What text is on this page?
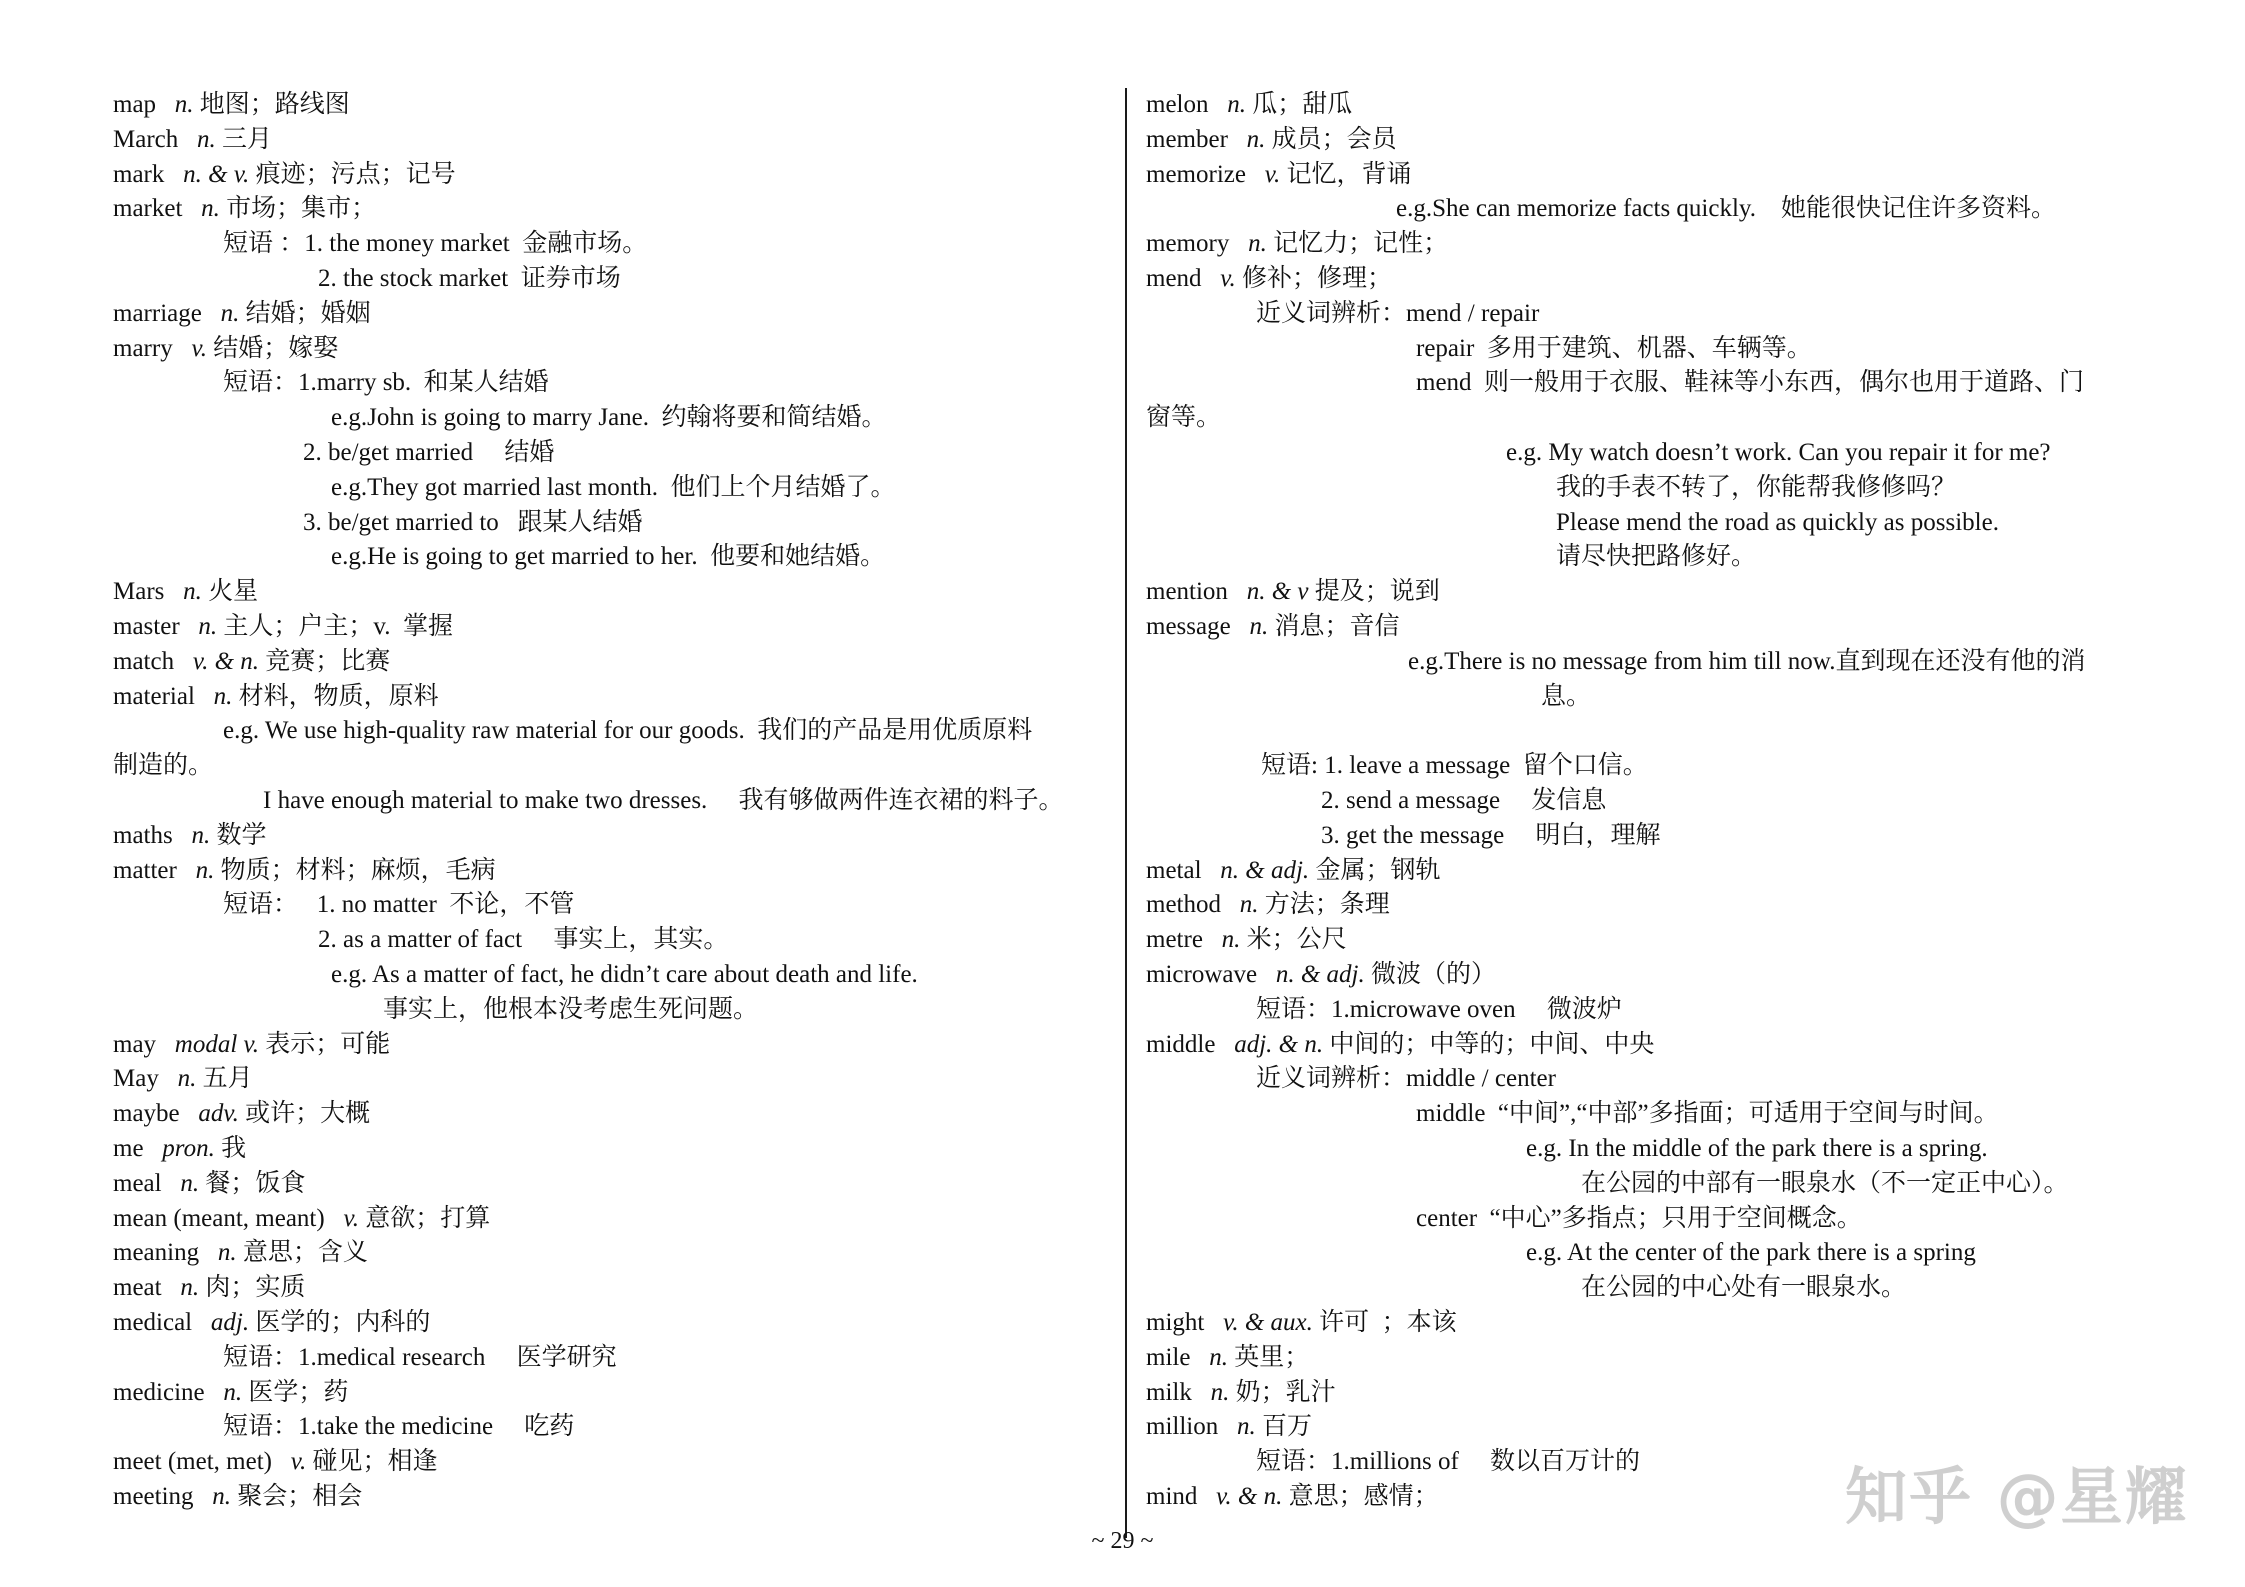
map n. 地图；路线图
March n. 三月
mark n. & v. 痕迹；污点；记号
market n. 市场；集市；
短语 ：1. the money market  金融市场。
2. the stock market  证券市场
marriage n. 结婚；婚姻
marry v. 结婚；嫁娶
短语：1.marry sb.  和某人结婚
e.g.John is going to marry Jane.  约翰将要和简结婚。
2. be/get married     结婚
e.g.They got married last month.  他们上个月结婚了。
3. be/get married to   跟某人结婚
e.g.He is going to get married to her.  他要和她结婚。
Mars n. 火星
master n. 主人；户主；v.  掌握
match v. & n. 竞赛；比赛
material n. 材料，物质，原料
e.g. We use high-quality raw material for our goods.  我们的产品是用优质原料
制造的。
I have enough material to make two dresses.     我有够做两件连衣裙的料子。
maths n. 数学
matter n. 物质；材料；麻烦，毛病
短语：   1. no matter  不论，不管
2. as a matter of fact     事实上，其实。
e.g. As a matter of fact, he didn’t care about death and life.
事实上，他根本没考虑生死问题。
may modal v. 表示；可能
May n. 五月
maybe adv. 或许；大概
me pron. 我
meal n. 餐；饭食
mean (meant, meant) v. 意欲；打算
meaning n. 意思；含义
meat n. 肉；实质
medical adj. 医学的；内科的
短语：1.medical research     医学研究
medicine n. 医学；药
短语：1.take the medicine     吃药
meet (met, met) v. 碰见；相逢
meeting n. 聚会；相会
melon n. 瓜；甜瓜
member n. 成员；会员
memorize v. 记忆，背诵
e.g.She can memorize facts quickly.    她能很快记住许多资料。
memory n. 记忆力；记性；
mend v. 修补；修理；
近义词辨析：mend / repair
repair  多用于建筑、机器、车辆等。
mend  则一般用于衣服、鞋袜等小东西，偶尔也用于道路、门
窗等。
e.g. My watch doesn’t work. Can you repair it for me?
我的手表不转了，你能帮我修修吗？
Please mend the road as quickly as possible.
请尽快把路修好。
mention n. & v 提及；说到
message n. 消息；音信
e.g.There is no message from him till now.直到现在还没有他的消
息。
短语: 1. leave a message  留个口信。
2. send a message     发信息
3. get the message     明白，理解
metal n. & adj. 金属；钢轨
method n. 方法；条理
metre n. 米；公尺
microwave n. & adj. 微波（的）
短语：1.microwave oven     微波炉
middle adj. & n. 中间的；中等的；中间、中央
近义词辨析：middle / center
middle  “中间”,“中部”多指面；可适用于空间与时间。
e.g. In the middle of the park there is a spring.
在公园的中部有一眼泉水（不一定正中心）。
center  “中心”多指点；只用于空间概念。
e.g. At the center of the park there is a spring
在公园的中心处有一眼泉水。
might v. & aux. 许可  ；本该
mile n. 英里；
milk n. 奶；乳汁
million n. 百万
短语：1.millions of     数以百万计的
mind v. & n. 意思；感情；
~ 29 ~
知乎 @星耀
